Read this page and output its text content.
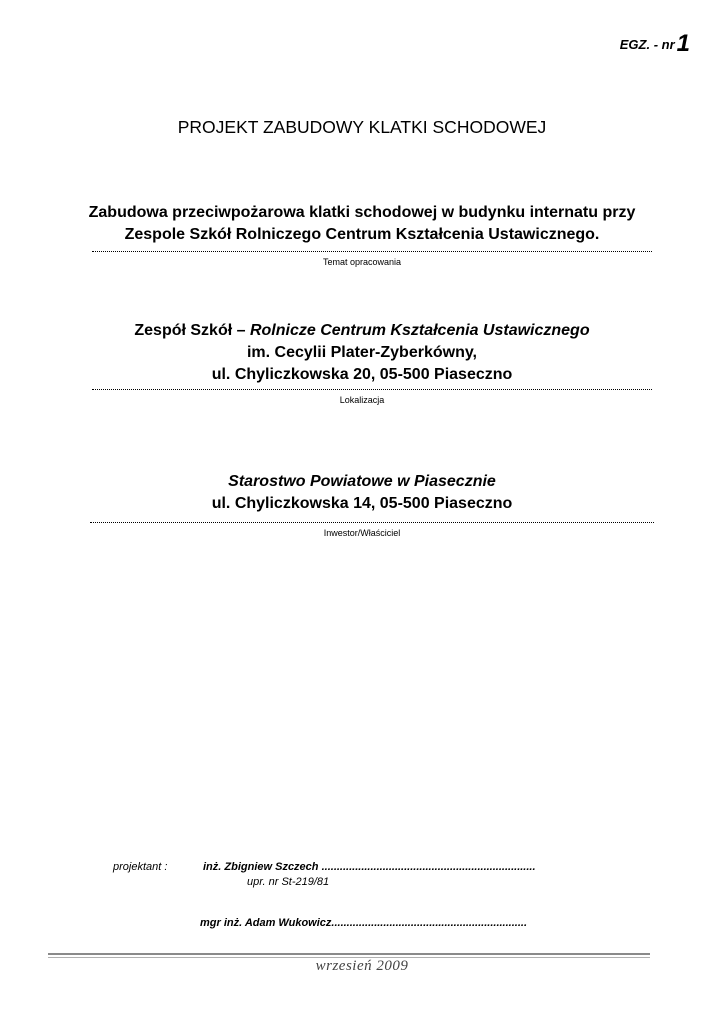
EGZ. - nr1
PROJEKT ZABUDOWY KLATKI SCHODOWEJ
Zabudowa przeciwpożarowa klatki schodowej w budynku internatu przy
Zespole Szkół Rolniczego Centrum Kształcenia Ustawicznego.
Temat opracowania
Zespół Szkół – Rolnicze Centrum Kształcenia Ustawicznego
im. Cecylii Plater-Zyberkówny,
ul. Chyliczkowska 20, 05-500 Piaseczno
Lokalizacja
Starostwo Powiatowe w Piasecznie
ul. Chyliczkowska 14, 05-500 Piaseczno
Inwestor/Właściciel
projektant :	inż. Zbigniew Szczech ......................................................................
upr. nr St-219/81
mgr inż. Adam Wukowicz................................................................
wrzesień 2009
